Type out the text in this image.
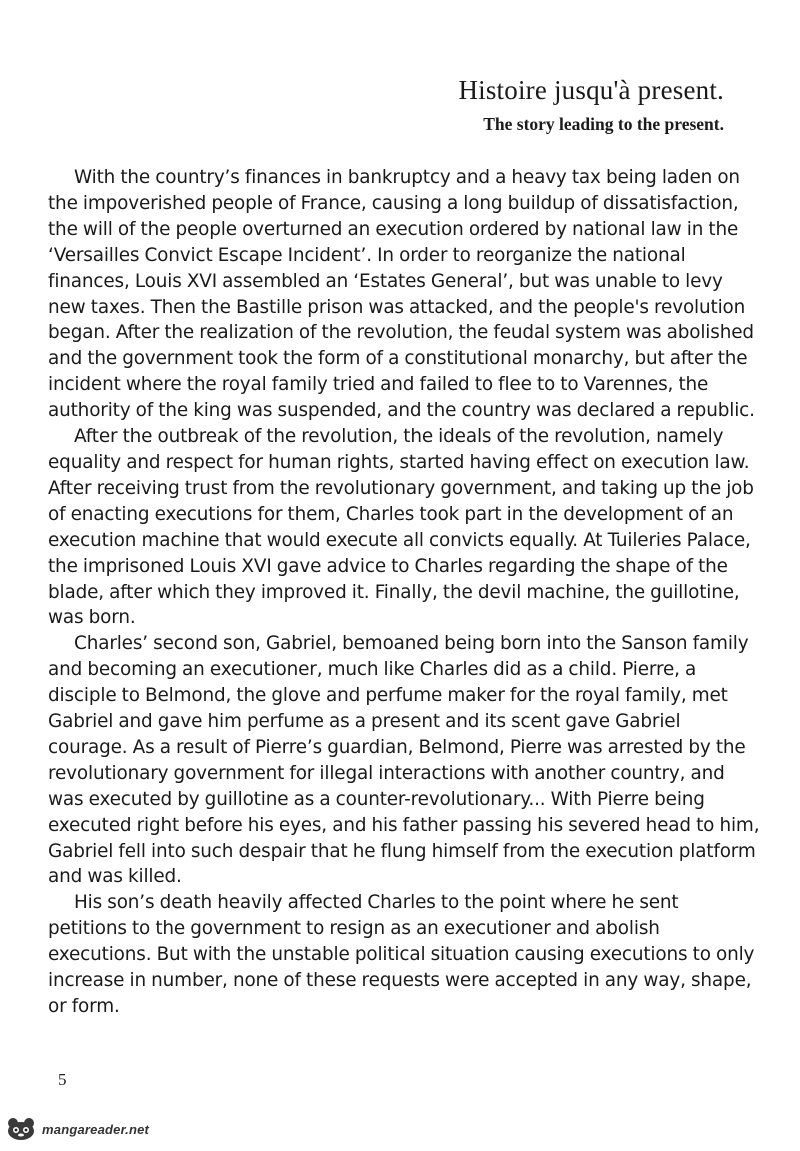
Histoire jusqu'à present.
The story leading to the present.

With the country’s finances in bankruptcy and a heavy tax being laden on the impoverished people of France, causing a long buildup of dissatisfaction, the will of the people overturned an execution ordered by national law in the ‘Versailles Convict Escape Incident’. In order to reorganize the national finances, Louis XVI assembled an ‘Estates General’, but was unable to levy new taxes. Then the Bastille prison was attacked, and the people's revolution began. After the realization of the revolution, the feudal system was abolished and the government took the form of a constitutional monarchy, but after the incident where the royal family tried and failed to flee to to Varennes, the authority of the king was suspended, and the country was declared a republic.

After the outbreak of the revolution, the ideals of the revolution, namely equality and respect for human rights, started having effect on execution law. After receiving trust from the revolutionary government, and taking up the job of enacting executions for them, Charles took part in the development of an execution machine that would execute all convicts equally. At Tuileries Palace, the imprisoned Louis XVI gave advice to Charles regarding the shape of the blade, after which they improved it. Finally, the devil machine, the guillotine, was born.

Charles’ second son, Gabriel, bemoaned being born into the Sanson family and becoming an executioner, much like Charles did as a child. Pierre, a disciple to Belmond, the glove and perfume maker for the royal family, met Gabriel and gave him perfume as a present and its scent gave Gabriel courage. As a result of Pierre’s guardian, Belmond, Pierre was arrested by the revolutionary government for illegal interactions with another country, and was executed by guillotine as a counter-revolutionary... With Pierre being executed right before his eyes, and his father passing his severed head to him, Gabriel fell into such despair that he flung himself from the execution platform and was killed.

His son’s death heavily affected Charles to the point where he sent petitions to the government to resign as an executioner and abolish executions. But with the unstable political situation causing executions to only increase in number, none of these requests were accepted in any way, shape, or form.

5
mangareader.net
